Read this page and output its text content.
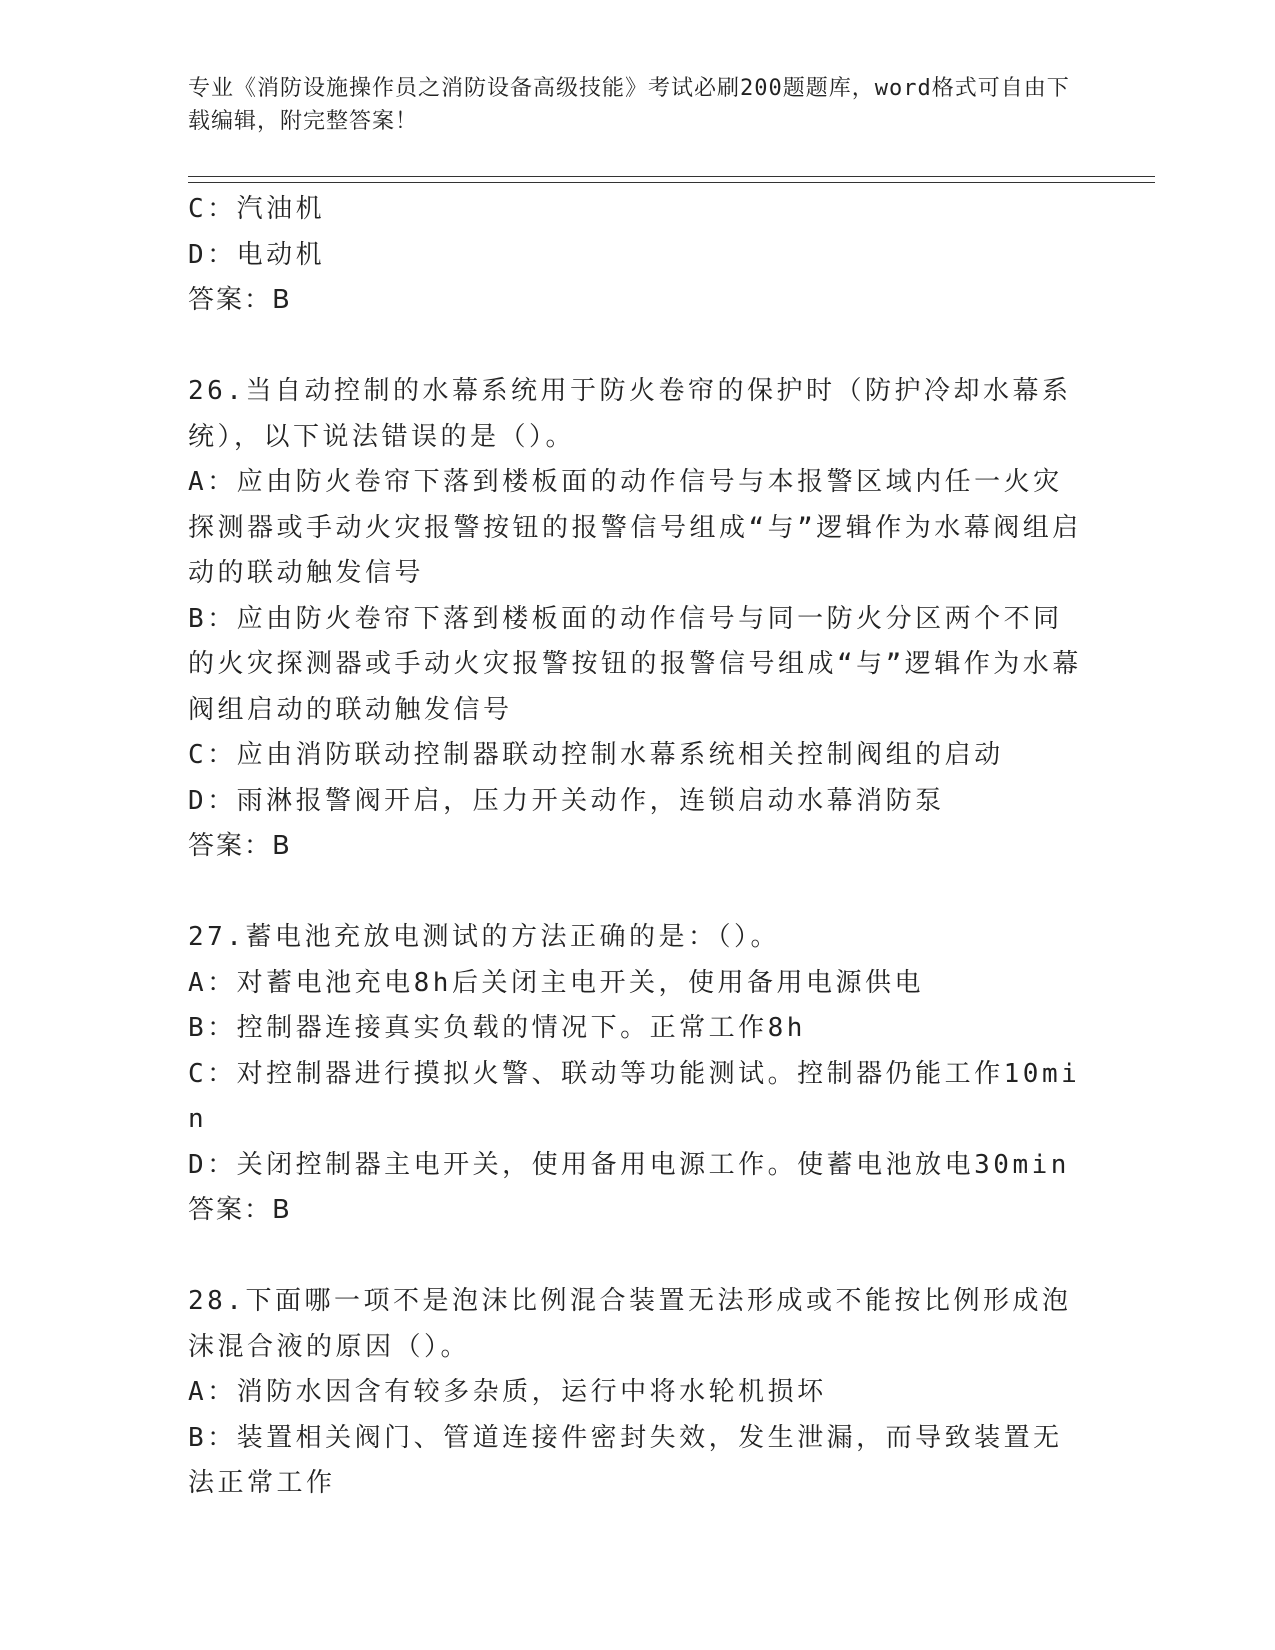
专业《消防设施操作员之消防设备高级技能》考试必刷200题题库，word格式可自由下载编辑，附完整答案！
C：汽油机
D：电动机
答案：B
26.当自动控制的水幕系统用于防火卷帘的保护时（防护冷却水幕系统），以下说法错误的是（）。
A：应由防火卷帘下落到楼板面的动作信号与本报警区域内任一火灾探测器或手动火灾报警按钮的报警信号组成“与”逻辑作为水幕阀组启动的联动触发信号
B：应由防火卷帘下落到楼板面的动作信号与同一防火分区两个不同的火灾探测器或手动火灾报警按钮的报警信号组成“与”逻辑作为水幕阀组启动的联动触发信号
C：应由消防联动控制器联动控制水幕系统相关控制阀组的启动
D：雨淋报警阀开启，压力开关动作，连锁启动水幕消防泵
答案：B
27.蓄电池充放电测试的方法正确的是：（）。
A：对蓄电池充电8h后关闭主电开关，使用备用电源供电
B：控制器连接真实负载的情况下。正常工作8h
C：对控制器进行摸拟火警、联动等功能测试。控制器仍能工作10min
D：关闭控制器主电开关，使用备用电源工作。使蓄电池放电30min
答案：B
28.下面哪一项不是泡沫比例混合装置无法形成或不能按比例形成泡沫混合液的原因（）。
A：消防水因含有较多杂质，运行中将水轮机损坏
B：装置相关阀门、管道连接件密封失效，发生泄漏，而导致装置无法正常工作
